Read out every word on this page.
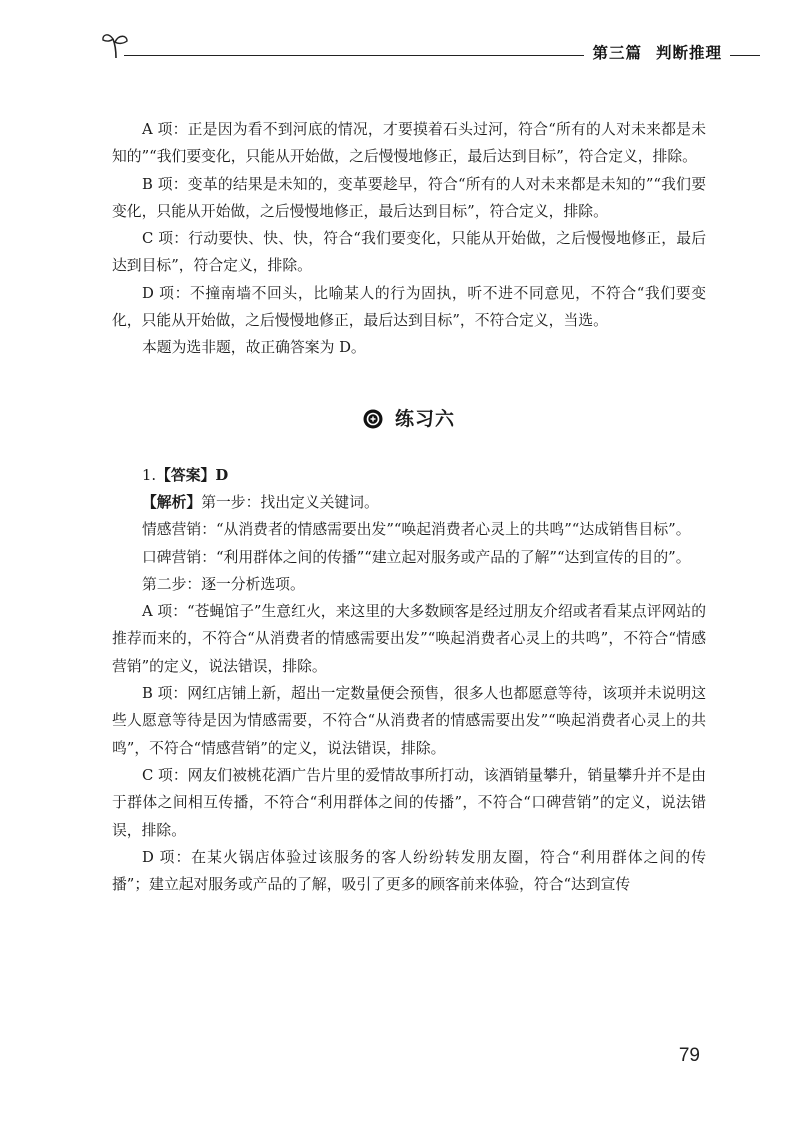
第三篇 判断推理

A 项：正是因为看不到河底的情况，才要摸着石头过河，符合“所有的人对未来都是未知的”“我们要变化，只能从开始做，之后慢慢地修正，最后达到目标”，符合定义，排除。

B 项：变革的结果是未知的，变革要趁早，符合“所有的人对未来都是未知的”“我们要变化，只能从开始做，之后慢慢地修正，最后达到目标”，符合定义，排除。

C 项：行动要快、快、快，符合“我们要变化，只能从开始做，之后慢慢地修正，最后达到目标”，符合定义，排除。

D 项：不撞南墙不回头，比喻某人的行为固执，听不进不同意见，不符合“我们要变化，只能从开始做，之后慢慢地修正，最后达到目标”，不符合定义，当选。

本题为选非题，故正确答案为 D。

练习六

1.【答案】D

【解析】第一步：找出定义关键词。

情感营销：“从消费者的情感需要出发”“唤起消费者心灵上的共鸣”“达成销售目标”。

口碑营销：“利用群体之间的传播”“建立起对服务或产品的了解”“达到宣传的目的”。

第二步：逐一分析选项。

A 项：“苍蝇馆子”生意红火，来这里的大多数顾客是经过朋友介绍或者看某点评网站的推荐而来的，不符合“从消费者的情感需要出发”“唤起消费者心灵上的共鸣”，不符合“情感营销”的定义，说法错误，排除。

B 项：网红店铺上新，超出一定数量便会预售，很多人也都愿意等待，该项并未说明这些人愿意等待是因为情感需要，不符合“从消费者的情感需要出发”“唤起消费者心灵上的共鸣”，不符合“情感营销”的定义，说法错误，排除。

C 项：网友们被桃花酒广告片里的爱情故事所打动，该酒销量攀升，销量攀升并不是由于群体之间相互传播，不符合“利用群体之间的传播”，不符合“口碑营销”的定义，说法错误，排除。

D 项：在某火锅店体验过该服务的客人纷纷转发朋友圈，符合“利用群体之间的传播”；建立起对服务或产品的了解，吸引了更多的顾客前来体验，符合“达到宣传

79
